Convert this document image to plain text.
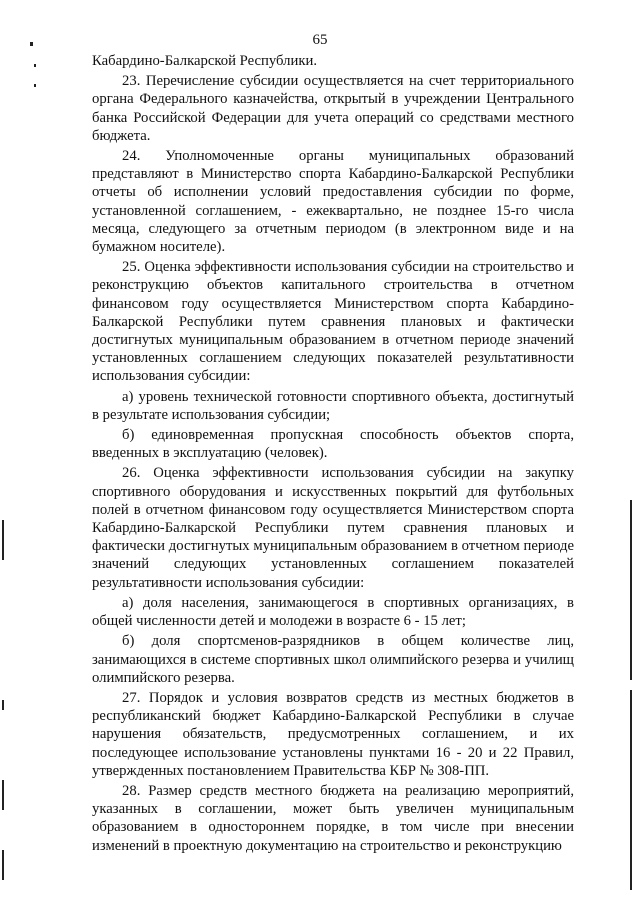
65

Кабардино-Балкарской Республики.

23. Перечисление субсидии осуществляется на счет территориального органа Федерального казначейства, открытый в учреждении Центрального банка Российской Федерации для учета операций со средствами местного бюджета.

24. Уполномоченные органы муниципальных образований представляют в Министерство спорта Кабардино-Балкарской Республики отчеты об исполнении условий предоставления субсидии по форме, установленной соглашением, - ежеквартально, не позднее 15-го числа месяца, следующего за отчетным периодом (в электронном виде и на бумажном носителе).

25. Оценка эффективности использования субсидии на строительство и реконструкцию объектов капитального строительства в отчетном финансовом году осуществляется Министерством спорта Кабардино-Балкарской Республики путем сравнения плановых и фактически достигнутых муниципальным образованием в отчетном периоде значений установленных соглашением следующих показателей результативности использования субсидии:

а) уровень технической готовности спортивного объекта, достигнутый в результате использования субсидии;

б) единовременная пропускная способность объектов спорта, введенных в эксплуатацию (человек).

26. Оценка эффективности использования субсидии на закупку спортивного оборудования и искусственных покрытий для футбольных полей в отчетном финансовом году осуществляется Министерством спорта Кабардино-Балкарской Республики путем сравнения плановых и фактически достигнутых муниципальным образованием в отчетном периоде значений следующих установленных соглашением показателей результативности использования субсидии:

а) доля населения, занимающегося в спортивных организациях, в общей численности детей и молодежи в возрасте 6 - 15 лет;

б) доля спортсменов-разрядников в общем количестве лиц, занимающихся в системе спортивных школ олимпийского резерва и училищ олимпийского резерва.

27. Порядок и условия возвратов средств из местных бюджетов в республиканский бюджет Кабардино-Балкарской Республики в случае нарушения обязательств, предусмотренных соглашением, и их последующее использование установлены пунктами 16 - 20 и 22 Правил, утвержденных постановлением Правительства КБР № 308-ПП.

28. Размер средств местного бюджета на реализацию мероприятий, указанных в соглашении, может быть увеличен муниципальным образованием в одностороннем порядке, в том числе при внесении изменений в проектную документацию на строительство и реконструкцию
